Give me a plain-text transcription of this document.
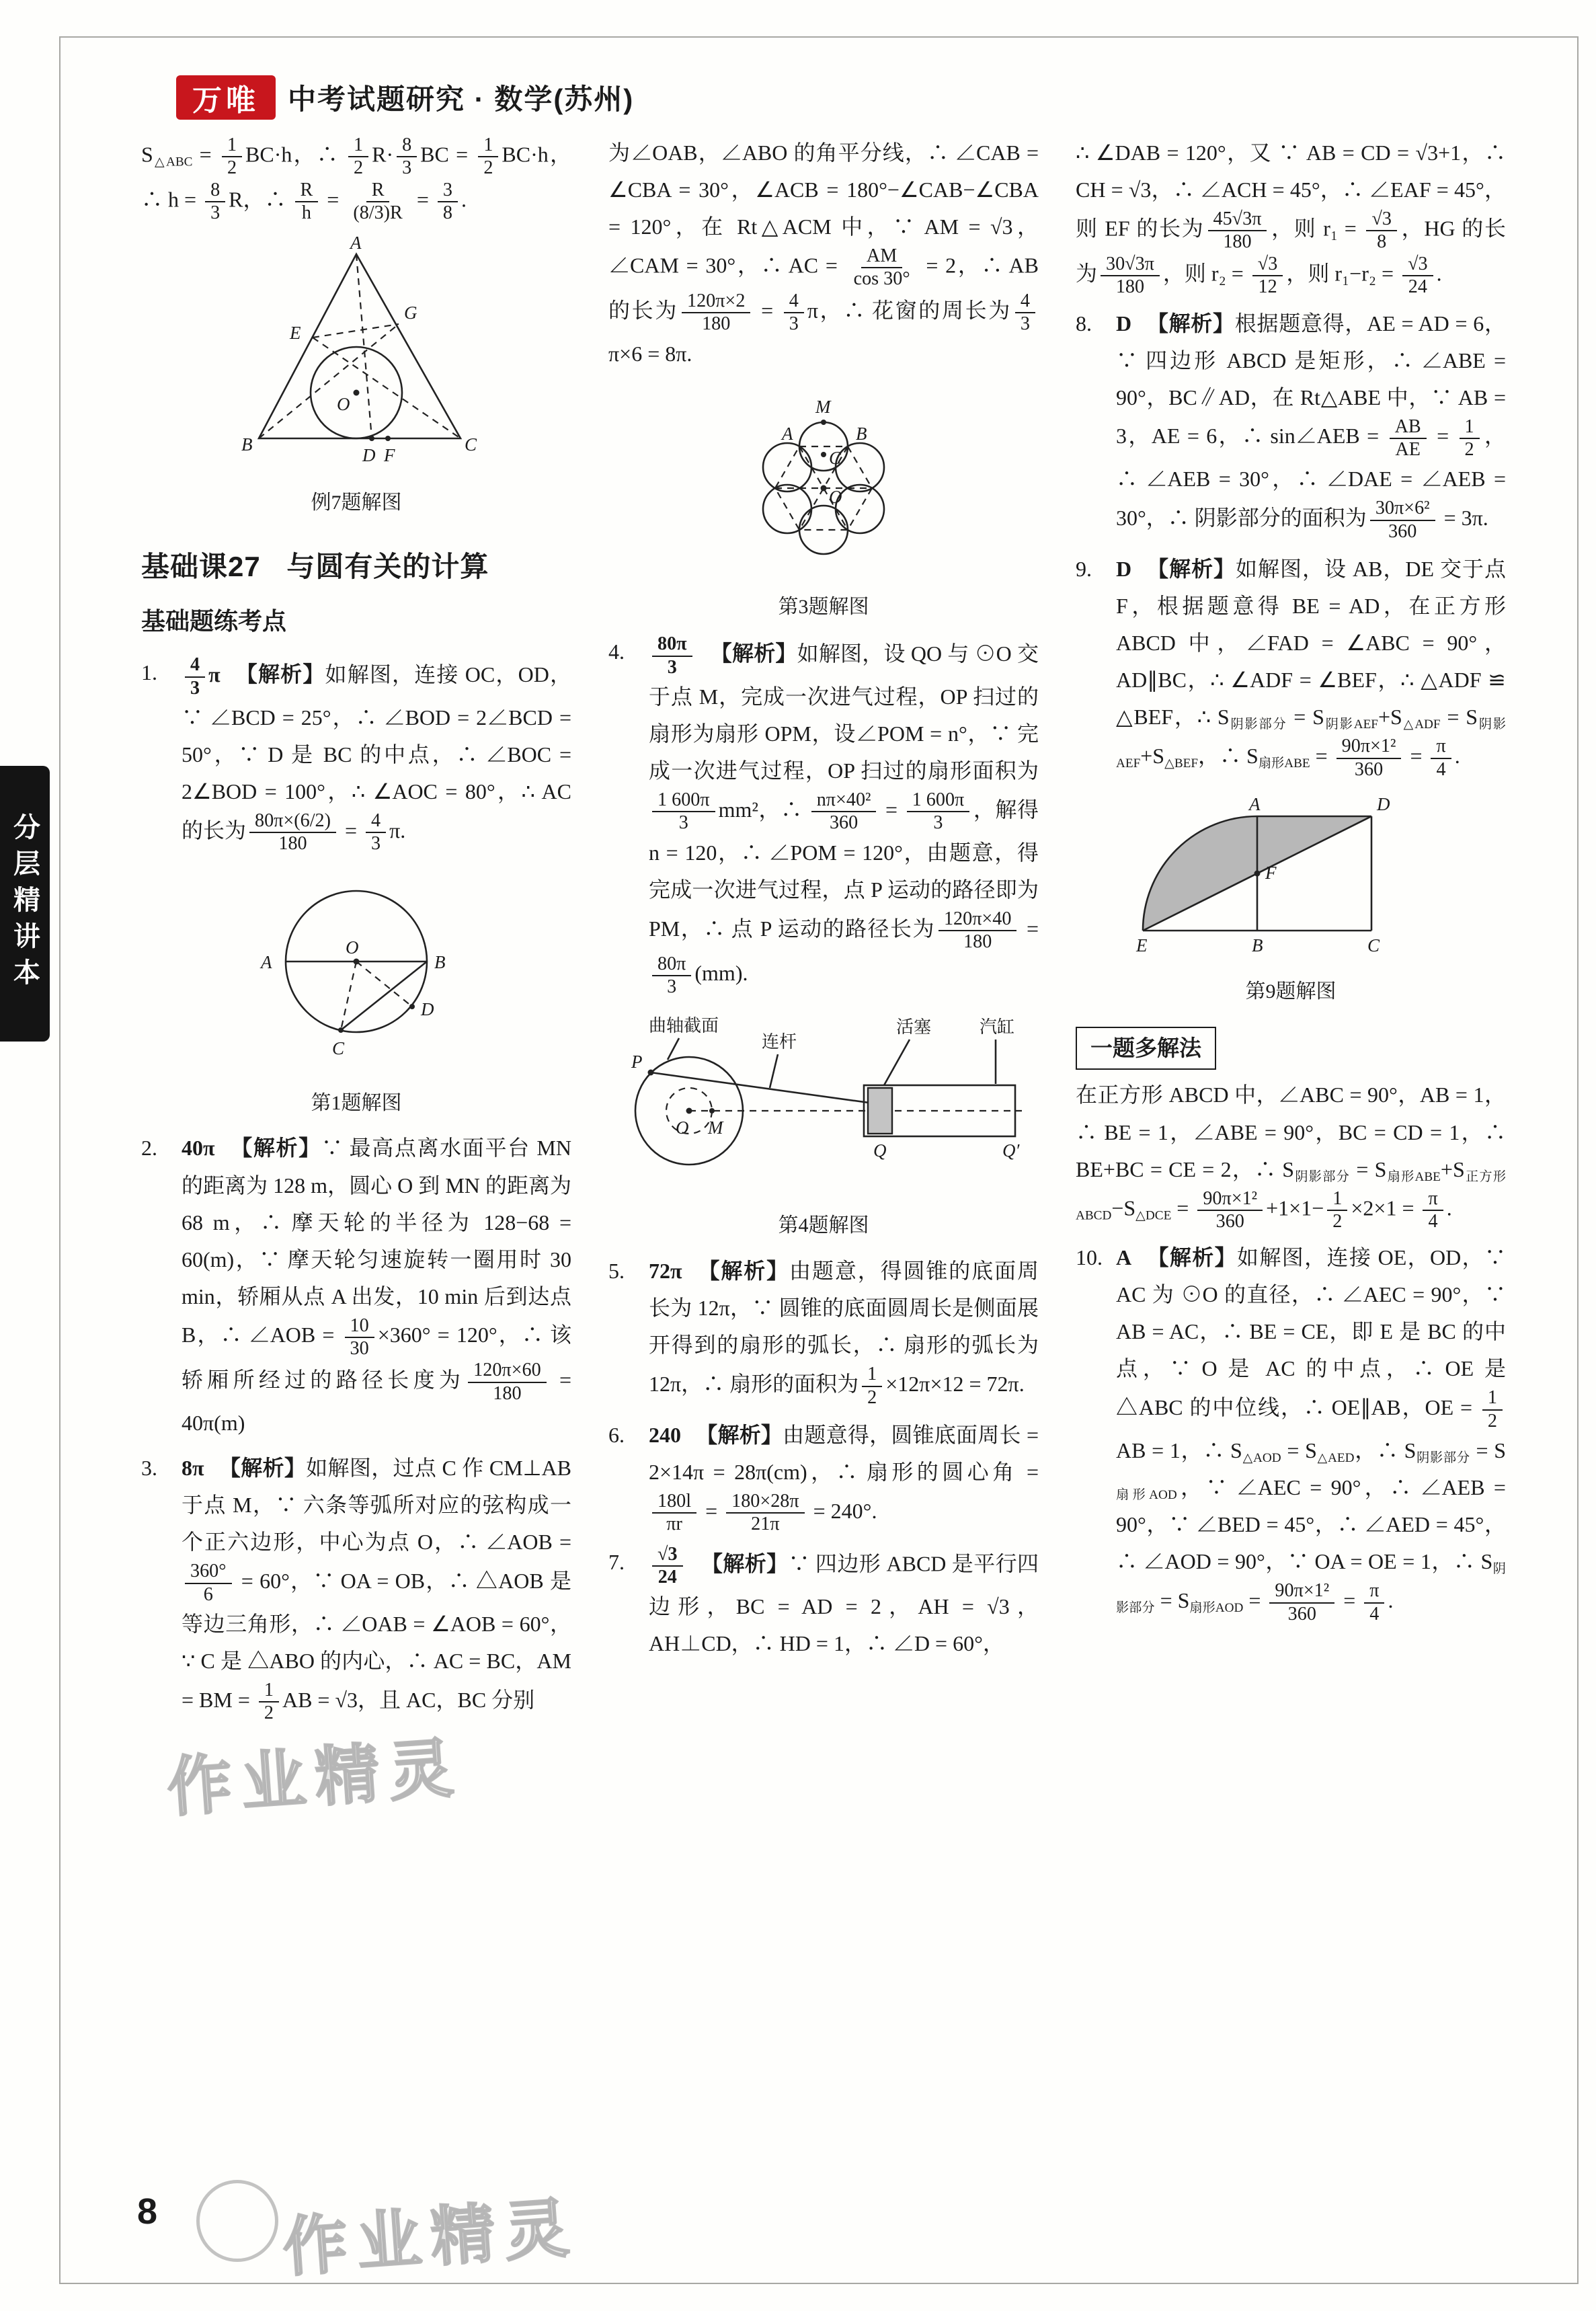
万唯	中考试题研究 · 数学(苏州)
分层精讲本

$S_{\triangle ABC} = \frac{1}{2} BC\cdot h$，∴ $\frac{1}{2} R\cdot \frac{8}{3}$ BC = $\frac{1}{2} BC\cdot h$，∴ $h = \frac{8}{3}$ R，∴ $\frac{R}{h} = \frac{R}{(8/3)R} = \frac{3}{8}$ .

A
B	C
E
G
O
D F
例7题解图
基础课27 与圆有关的计算
基础题练考点
1. $\frac{4}{3}$ π 【解析】如解图，连接 OC，OD，∵ ∠BCD = 25°，∴ ∠BOD = 2∠BCD = 50°，∵ D 是 BC 的中点，∴ ∠BOC = 2∠BOD = 100°，∴ ∠AOC = 80°，∴ AC 的长为 $\frac{80\pi\times(6/2)}{180} = \frac{4}{3} \pi$.
A
O
B
D
C
第1题解图
2. 40π 【解析】∵ 最高点离水面平台 MN 的距离为 128 m，圆心 O 到 MN 的距离为 68 m，∴ 摩天轮的半径为 128−68 = 60(m)，∵ 摩天轮匀速旋转一圈用时 30 min，轿厢从点 A 出发，10 min 后到达点 B，∴ ∠AOB = $\frac{10}{30} \times 360^\circ = 120^\circ$，∴ 该轿厢所经过的路径长度为 $\frac{120\pi\times 60}{180} = 40\pi(m)$
3. 8π 【解析】如解图，过点 C 作 CM⊥AB 于点 M，∵ 六条等弧所对应的弦构成一个正六边形，中心为点 O，∴ ∠AOB =
$\frac{360^\circ}{6} = 60^\circ$，∵ OA = OB，∴ △AOB 是等边三角形，∴ ∠OAB = ∠AOB = 60°，∵ C 是 △ABO 的内心，∴ AC = BC，AM = BM = $\frac{1}{2}$ AB = √3，且 AC，BC 分别

为∠OAB，∠ABO 的角平分线，∴ ∠CAB = ∠CBA = 30°，∠ACB = 180°−∠CAB−∠CBA = 120°，在 Rt△ACM 中，∵ AM = √3，∠CAM = 30°，∴ AC = $\frac{AM}{\cos 30^\circ} = 2$，∴ AB 的长为 $\frac{120\pi\times 2}{180} = \frac{4}{3}$ π，∴ 花窗的周长为 $\frac{4}{3}$
π×6 = 8π.

A
M
B
C
O
第3题解图
4. $\frac{80\pi}{3}$ 【解析】如解图，设 QO 与 ⊙O 交于点 M，完成一次进气过程，OP 扫过的扇形为扇形 OPM，设∠POM = n°，∵ 完成一次进气过程，OP 扫过的扇形面积为
$\frac{1 600\pi}{3} mm^2$，∴ $\frac{\text{nπ×40²}}{360} = \frac{1 600\pi}{3}$ ，解得 n = 120，∴ ∠POM = 120°，由题意，得完成一次进气过程，点 P 运动的路径即为 PM，∴ 点 P 运动的路径长为 $\frac{120\pi\times 40}{180}$ =
$\frac{80\pi}{3} (mm)$.
曲轴截面
连杆
活塞	汽缸
P
O M
Q	Q′
第4题解图
5. 72π 【解析】由题意，得圆锥的底面周长为 12π，∵ 圆锥的底面圆周长是侧面展开得到的扇形的弧长，∴ 扇形的弧长为 12π，∴ 扇形的面积为 $\frac{1}{2} \times 12\pi\times 12 = 72\pi$.
6. 240 【解析】由题意得，圆锥底面周长 = 2×14π = 28π(cm)，∴ 扇形的圆心角 =
$\frac{180l}{\pi r} = \frac{180\times 28\pi}{21\pi} = 240^\circ$.
7. $\frac{√3}{24}$ 【解析】∵ 四边形 ABCD 是平行四边形，BC = AD = 2，AH = √3，AH⊥CD，∴ HD = 1，∴ ∠D = 60°，

∴ ∠DAB = 120°，又 ∵ AB = CD = √3+1，∴ CH = √3，∴ ∠ACH = 45°，∴ ∠EAF = 45°，则 EF 的长为 $\frac{45√3\pi}{180}$ ，则 $r_1 = \frac{√3}{8}$ ，HG 的长为 $\frac{30√3\pi}{180}$ ，则 $r_2 = \frac{√3}{12}$ ，则 $r_1-r_2 = \frac{√3}{24}$ .

8. D 【解析】根据题意得，AE = AD = 6，∵ 四边形 ABCD 是矩形，∴ ∠ABE = 90°，BC∥AD，在 Rt△ABE 中，∵ AB = 3，AE = 6，∴ sin∠AEB = $\frac{AB}{AE} = \frac{1}{2}$ ，∴ ∠AEB = 30°，∴ ∠DAE = ∠AEB = 30°，∴ 阴影部分的面积为 $\frac{\text{30π×6²}}{360} = 3\pi$.
9. D 【解析】如解图，设 AB，DE 交于点 F，根据题意得 BE = AD，在正方形 ABCD 中，∠FAD = ∠ABC = 90°，AD∥BC，∴ ∠ADF = ∠BEF，∴ △ADF ≌ △BEF，∴ $S_{阴影部分} = S_{阴影AEF}+S_{\triangle ADF} = S_{阴影AEF}+S_{\triangle BEF}$，∴ $S_{扇形ABE} = \frac{\text{90π×1²}}{360} = \frac{\pi}{4}$ .
A	D
E	B	C
F
第9题解图
一题多解法

在正方形 ABCD 中，∠ABC = 90°，AB = 1，∴ BE = 1，∠ABE = 90°，BC = CD = 1，∴ BE+BC = CE = 2，∴ $S_{阴影部分} = S_{扇形ABE}+S_{正方形ABCD}-S_{\triangle DCE} = \frac{\text{90π×1²}}{360} +1\times 1- \frac{1}{2} \times 2\times 1 = \frac{\pi}{4}$ .

10. A 【解析】如解图，连接 OE，OD，∵ AC 为 ⊙O 的直径，∴ ∠AEC = 90°，∵ AB = AC，∴ BE = CE，即 E 是 BC 的中点，∵ O 是 AC 的中点，∴ OE 是 △ABC 的中位线，∴ OE∥AB，OE = $\frac{1}{2}$
AB = 1，∴ $S_{\triangle AOD} = S_{\triangle AED}$，∴ $S_{阴影部分} = S_{扇形AOD}$，∵ ∠AEC = 90°，∴ ∠AEB = 90°，∵ ∠BED = 45°，∴ ∠AED = 45°，∴ ∠AOD = 90°，∵ OA = OE = 1，∴ $S_{阴影部分} = S_{扇形AOD} = \frac{\text{90π×1²}}{360} = \frac{\pi}{4}$ .
作业精灵
作业精灵
8
